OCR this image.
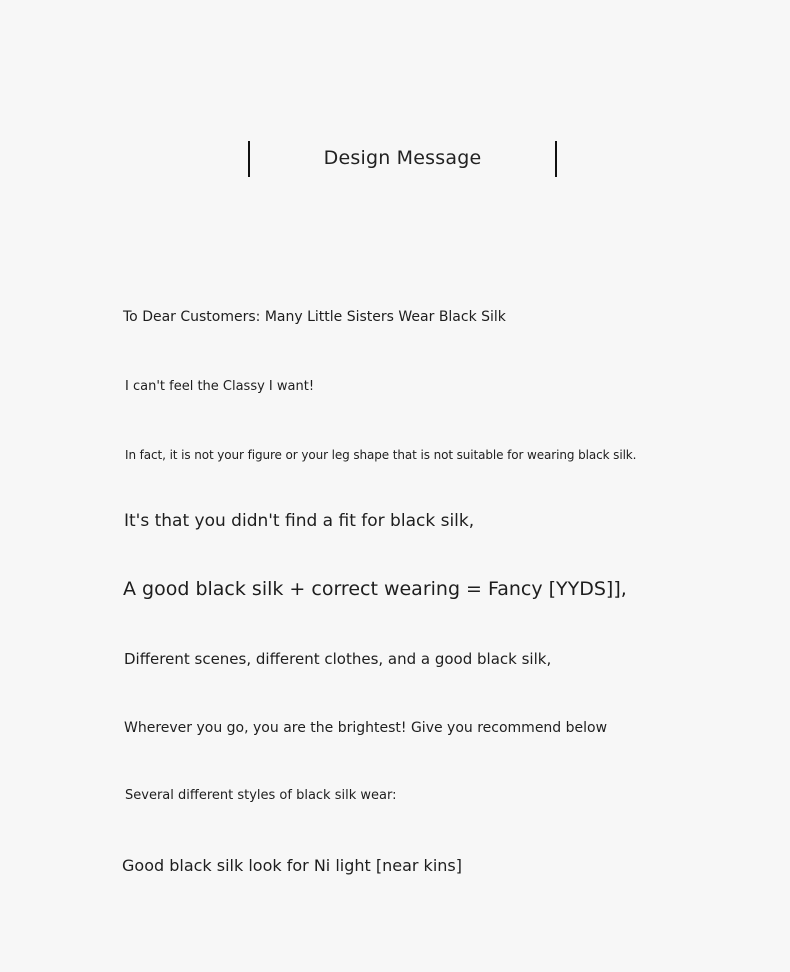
Design Message
To Dear Customers: Many Little Sisters Wear Black Silk
I can't feel the Classy I want!
In fact, it is not your figure or your leg shape that is not suitable for wearing black silk.
It's that you didn't find a fit for black silk,
A good black silk + correct wearing = Fancy [YYDS]],
Different scenes, different clothes, and a good black silk,
Wherever you go, you are the brightest! Give you recommend below
Several different styles of black silk wear:
Good black silk look for Ni light [near kins]
